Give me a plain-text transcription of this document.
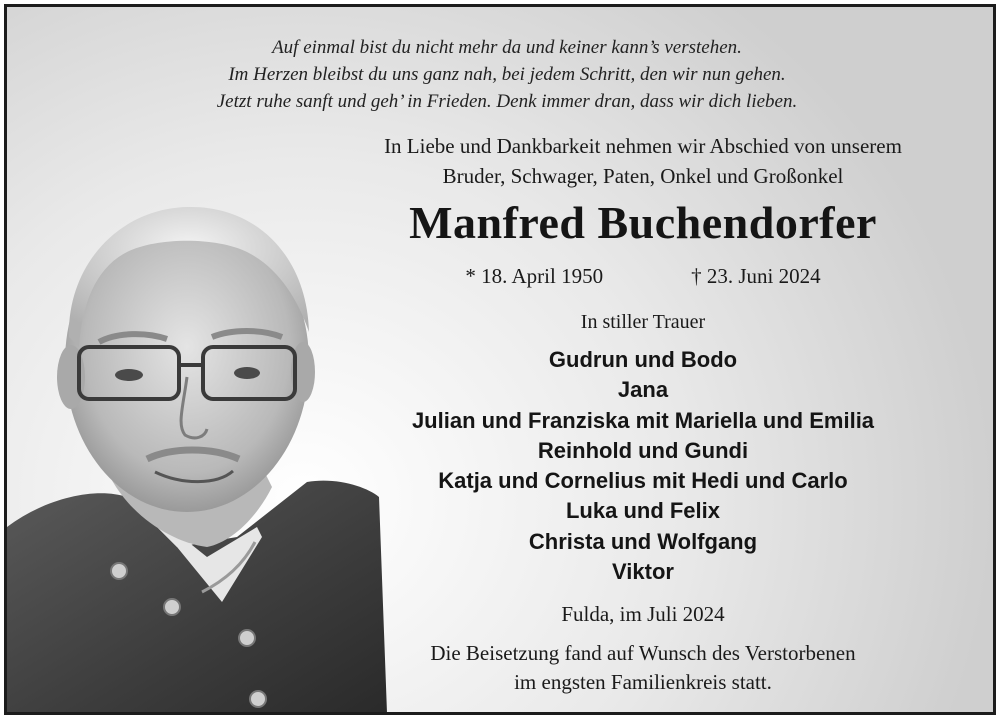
Auf einmal bist du nicht mehr da und keiner kann’s verstehen.
Im Herzen bleibst du uns ganz nah, bei jedem Schritt, den wir nun gehen.
Jetzt ruhe sanft und geh’ in Frieden. Denk immer dran, dass wir dich lieben.
In Liebe und Dankbarkeit nehmen wir Abschied von unserem
Bruder, Schwager, Paten, Onkel und Großonkel
Manfred Buchendorfer
* 18. April 1950	† 23. Juni 2024
In stiller Trauer
Gudrun und Bodo
Jana
Julian und Franziska mit Mariella und Emilia
Reinhold und Gundi
Katja und Cornelius mit Hedi und Carlo
Luka und Felix
Christa und Wolfgang
Viktor
Fulda, im Juli 2024
Die Beisetzung fand auf Wunsch des Verstorbenen
im engsten Familienkreis statt.
